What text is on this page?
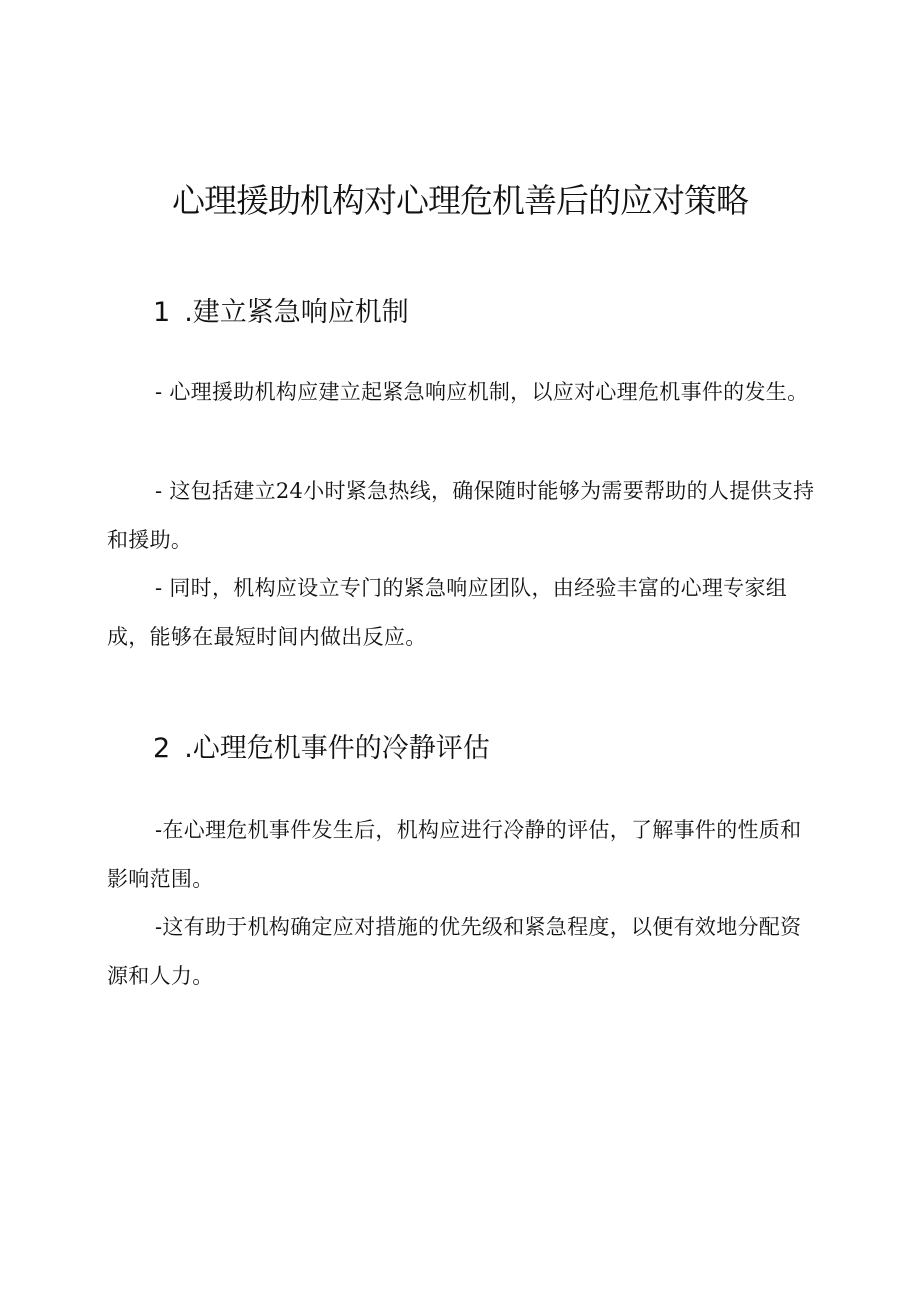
心理援助机构对心理危机善后的应对策略
1 .建立紧急响应机制

- 心理援助机构应建立起紧急响应机制，以应对心理危机事件的发生。

- 这包括建立24小时紧急热线，确保随时能够为需要帮助的人提供支持和援助。

- 同时，机构应设立专门的紧急响应团队，由经验丰富的心理专家组成，能够在最短时间内做出反应。

2 .心理危机事件的冷静评估

-在心理危机事件发生后，机构应进行冷静的评估，了解事件的性质和影响范围。

-这有助于机构确定应对措施的优先级和紧急程度，以便有效地分配资源和人力。
